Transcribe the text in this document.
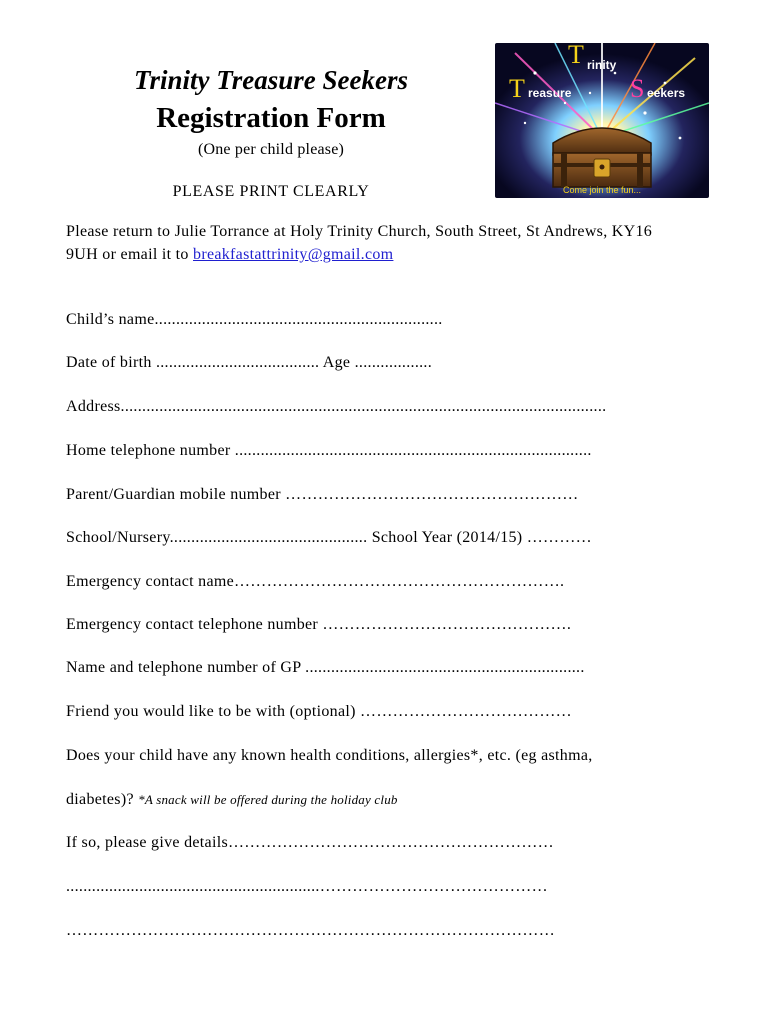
Trinity Treasure Seekers
Registration Form
(One per child please)
PLEASE PRINT CLEARLY
T rinity
T reasure S eekers
Come join the fun...
Please return to Julie Torrance at Holy Trinity Church, South Street, St Andrews, KY16 9UH or email it to breakfastattrinity@gmail.com
Child’s name...................................................................
Date of birth ...................................... Age ..................
Address.................................................................................................................
Home telephone number ...................................................................................
Parent/Guardian mobile number ………………………………………………
School/Nursery.............................................. School Year (2014/15) …………
Emergency contact name…………………………………………………….
Emergency contact telephone number ……………………………………….
Name and telephone number of GP .................................................................
Friend you would like to be with (optional) …………………………………
Does your child have any known health conditions, allergies*, etc. (eg asthma,
diabetes)? *A snack will be offered during the holiday club
If so, please give details……………………………………………………
...........................................................……………………………………
………………………………………………………………………………
